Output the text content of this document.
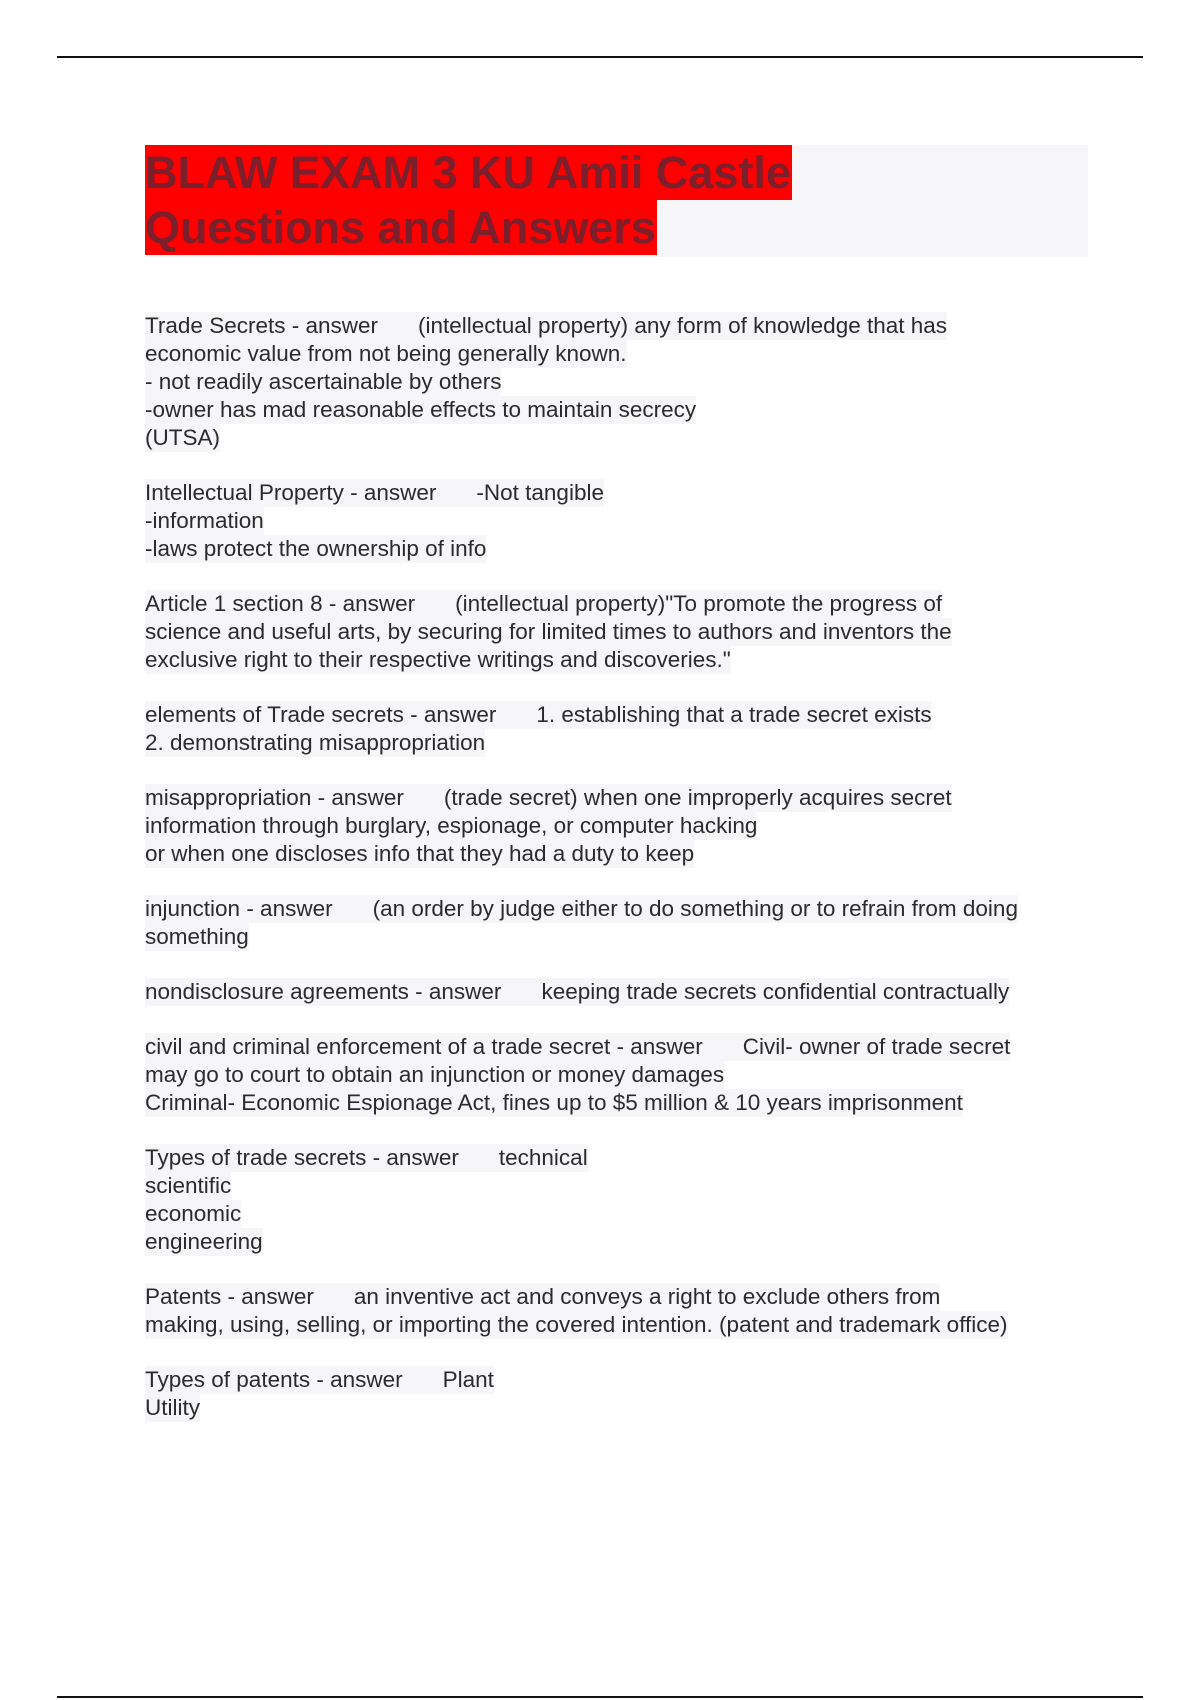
BLAW EXAM 3 KU Amii Castle
Questions and Answers
Trade Secrets - answer (intellectual property) any form of knowledge that has
economic value from not being generally known.
- not readily ascertainable by others
-owner has mad reasonable effects to maintain secrecy
(UTSA)
Intellectual Property - answer -Not tangible
-information
-laws protect the ownership of info
Article 1 section 8 - answer (intellectual property)"To promote the progress of
science and useful arts, by securing for limited times to authors and inventors the
exclusive right to their respective writings and discoveries."
elements of Trade secrets - answer 1. establishing that a trade secret exists
2. demonstrating misappropriation
misappropriation - answer (trade secret) when one improperly acquires secret
information through burglary, espionage, or computer hacking
or when one discloses info that they had a duty to keep
injunction - answer (an order by judge either to do something or to refrain from doing
something
nondisclosure agreements - answer keeping trade secrets confidential contractually
civil and criminal enforcement of a trade secret - answer Civil- owner of trade secret
may go to court to obtain an injunction or money damages
Criminal- Economic Espionage Act, fines up to $5 million & 10 years imprisonment
Types of trade secrets - answer technical
scientific
economic
engineering
Patents - answer an inventive act and conveys a right to exclude others from
making, using, selling, or importing the covered intention. (patent and trademark office)
Types of patents - answer Plant
Utility
